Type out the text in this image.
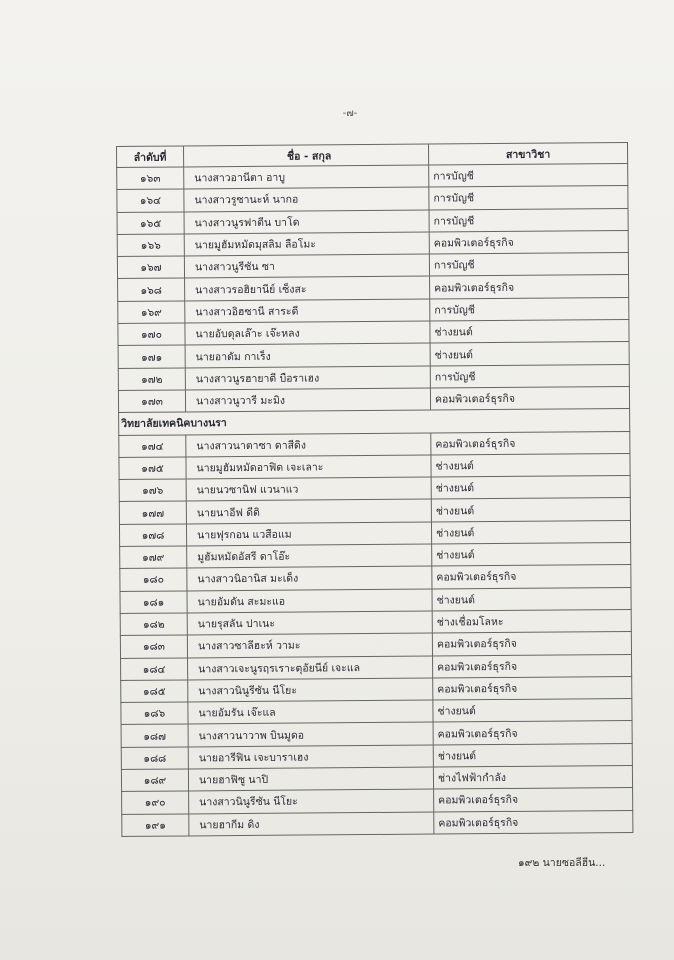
-๗-
ลำดับที่	ชื่อ - สกุล	สาขาวิชา
๑๖๓	นางสาวอานีตา อาบู	การบัญชี
๑๖๔	นางสาวรูซานะห์ นากอ	การบัญชี
๑๖๕	นางสาวนูรฟาตีน บาโด	การบัญชี
๑๖๖	นายมูฮัมหมัดมุสลิม ลือโมะ	คอมพิวเตอร์ธุรกิจ
๑๖๗	นางสาวนูรีซัน ซา	การบัญชี
๑๖๘	นางสาวรอฮิยานีย์ เซ็งสะ	คอมพิวเตอร์ธุรกิจ
๑๖๙	นางสาวอิฮซานี สาระดี	การบัญชี
๑๗๐	นายอับดุลเล๊าะ เจ๊ะหลง	ช่างยนต์
๑๗๑	นายอาดัม กาเร็ง	ช่างยนต์
๑๗๒	นางสาวนูรฮายาตี บือราเฮง	การบัญชี
๑๗๓	นางสาวนูวารี มะมิง	คอมพิวเตอร์ธุรกิจ
วิทยาลัยเทคนิคบางนรา		
๑๗๔	นางสาวนาตาซา ดาสีดิง	คอมพิวเตอร์ธุรกิจ
๑๗๕	นายมูฮัมหมัดอาฟิด เจะเลาะ	ช่างยนต์
๑๗๖	นายนวซานิฟ แวนาแว	ช่างยนต์
๑๗๗	นายนาอีฟ ดีดิ	ช่างยนต์
๑๗๘	นายฟุรกอน แวสือแม	ช่างยนต์
๑๗๙	มูฮัมหมัดอัสรี ดาโอ๊ะ	ช่างยนต์
๑๘๐	นางสาวนิอานิส มะเด็ง	คอมพิวเตอร์ธุรกิจ
๑๘๑	นายอัมดัน สะมะแอ	ช่างยนต์
๑๘๒	นายรุสลัน ปาเนะ	ช่างเชื่อมโลหะ
๑๘๓	นางสาวซาลีฮะห์ วามะ	คอมพิวเตอร์ธุรกิจ
๑๘๔	นางสาวเจะนูรฤรเราะตุอัยนีย์ เจะแล	คอมพิวเตอร์ธุรกิจ
๑๘๕	นางสาวนินูรีซัน นีโยะ	คอมพิวเตอร์ธุรกิจ
๑๘๖	นายอัมรัน เจ๊ะแล	ช่างยนต์
๑๘๗	นางสาวนาวาพ บินมูดอ	คอมพิวเตอร์ธุรกิจ
๑๘๘	นายอารีฟิน เจะบาราเฮง	ช่างยนต์
๑๘๙	นายฮาฟิซู นาปิ	ช่างไฟฟ้ากำลัง
๑๙๐	นางสาวนินูรีซัน นีโยะ	คอมพิวเตอร์ธุรกิจ
๑๙๑	นายฮากีม ดิง	คอมพิวเตอร์ธุรกิจ
๑๙๒ นายซอลีฮีน...
